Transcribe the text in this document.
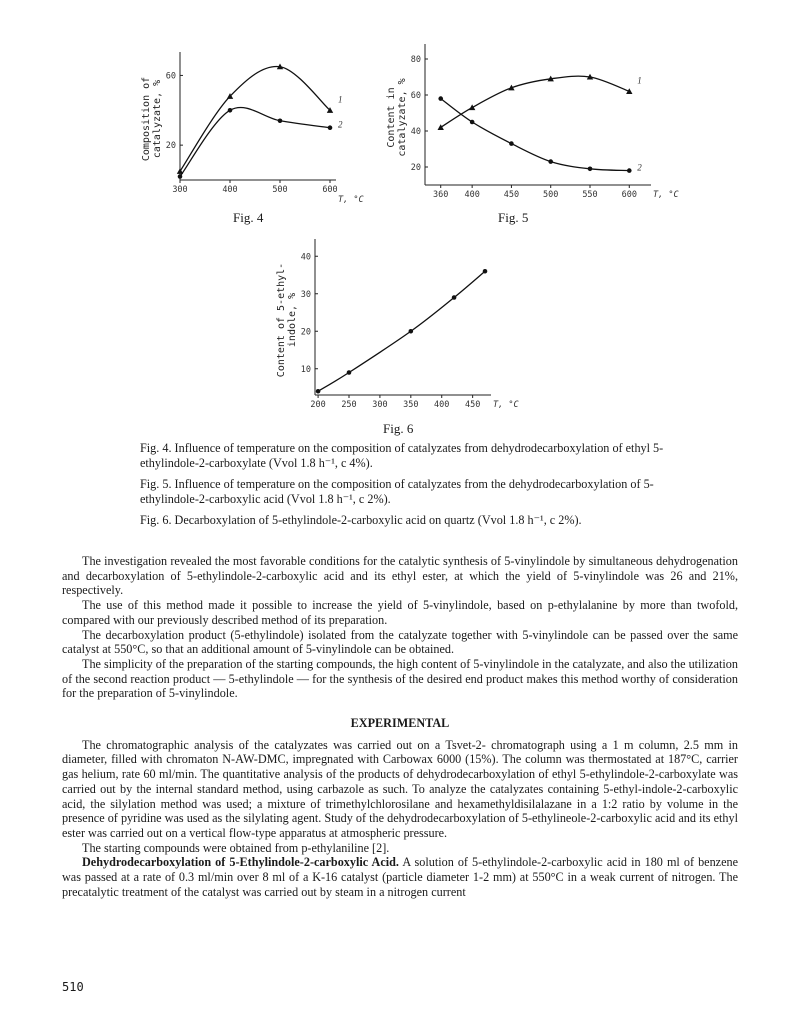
300	400	500	600
20
60
T, °C
Composition of catalyzate, %	1
2
Fig. 4
360 400	450	500	550	600
20
40
60
80
T, °C
Content in catalyzate, %	1
2
Fig. 5
200 250 300 350 400 450
10
20
30
40
T, °C
Content of 5-ethyl- indole, %
Fig. 6

Fig. 4. Influence of temperature on the composition of catalyzates from dehydrodecarboxylation of ethyl 5-ethylindole-2-carboxylate (Vvol 1.8 h⁻¹, c 4%).

Fig. 5. Influence of temperature on the composition of catalyzates from the dehydrodecarboxylation of 5-ethylindole-2-carboxylic acid (Vvol 1.8 h⁻¹, c 2%).

Fig. 6. Decarboxylation of 5-ethylindole-2-carboxylic acid on quartz (Vvol 1.8 h⁻¹, c 2%).

The investigation revealed the most favorable conditions for the catalytic synthesis of 5-vinylindole by simultaneous dehydrogenation and decarboxylation of 5-ethylindole-2-carboxylic acid and its ethyl ester, at which the yield of 5-vinylindole was 26 and 21%, respectively.

The use of this method made it possible to increase the yield of 5-vinylindole, based on p-ethylalanine by more than twofold, compared with our previously described method of its preparation.

The decarboxylation product (5-ethylindole) isolated from the catalyzate together with 5-vinylindole can be passed over the same catalyst at 550°C, so that an additional amount of 5-vinylindole can be obtained.

The simplicity of the preparation of the starting compounds, the high content of 5-vinylindole in the catalyzate, and also the utilization of the second reaction product — 5-ethylindole — for the synthesis of the desired end product makes this method worthy of consideration for the preparation of 5-vinylindole.

EXPERIMENTAL

The chromatographic analysis of the catalyzates was carried out on a Tsvet-2- chromatograph using a 1 m column, 2.5 mm in diameter, filled with chromaton N-AW-DMC, impregnated with Carbowax 6000 (15%). The column was thermostated at 187°C, carrier gas helium, rate 60 ml/min. The quantitative analysis of the products of dehydrodecarboxylation of ethyl 5-ethylindole-2-carboxylate was carried out by the internal standard method, using carbazole as such. To analyze the catalyzates containing 5-ethyl-indole-2-carboxylic acid, the silylation method was used; a mixture of trimethylchlorosilane and hexamethyldisilalazane in a 1:2 ratio by volume in the presence of pyridine was used as the silylating agent. Study of the dehydrodecarboxylation of 5-ethylineole-2-carboxylic acid and its ethyl ester was carried out on a vertical flow-type apparatus at atmospheric pressure.

The starting compounds were obtained from p-ethylaniline [2].

Dehydrodecarboxylation of 5-Ethylindole-2-carboxylic Acid. A solution of 5-ethylindole-2-carboxylic acid in 180 ml of benzene was passed at a rate of 0.3 ml/min over 8 ml of a K-16 catalyst (particle diameter 1-2 mm) at 550°C in a weak current of nitrogen. The precatalytic treatment of the catalyst was carried out by steam in a nitrogen current

510
